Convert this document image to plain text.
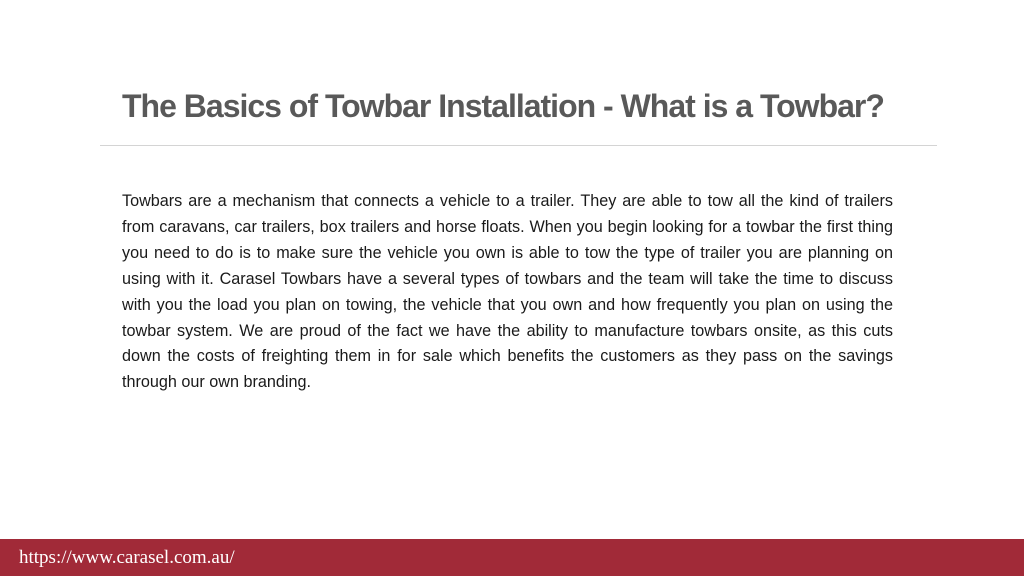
The Basics of Towbar Installation - What is a Towbar?

Towbars are a mechanism that connects a vehicle to a trailer. They are able to tow all the kind of trailers from caravans, car trailers, box trailers and horse floats. When you begin looking for a towbar the first thing you need to do is to make sure the vehicle you own is able to tow the type of trailer you are planning on using with it. Carasel Towbars have a several types of towbars and the team will take the time to discuss with you the load you plan on towing, the vehicle that you own and how frequently you plan on using the towbar system. We are proud of the fact we have the ability to manufacture towbars onsite, as this cuts down the costs of freighting them in for sale which benefits the customers as they pass on the savings through our own branding.

https://www.carasel.com.au/
